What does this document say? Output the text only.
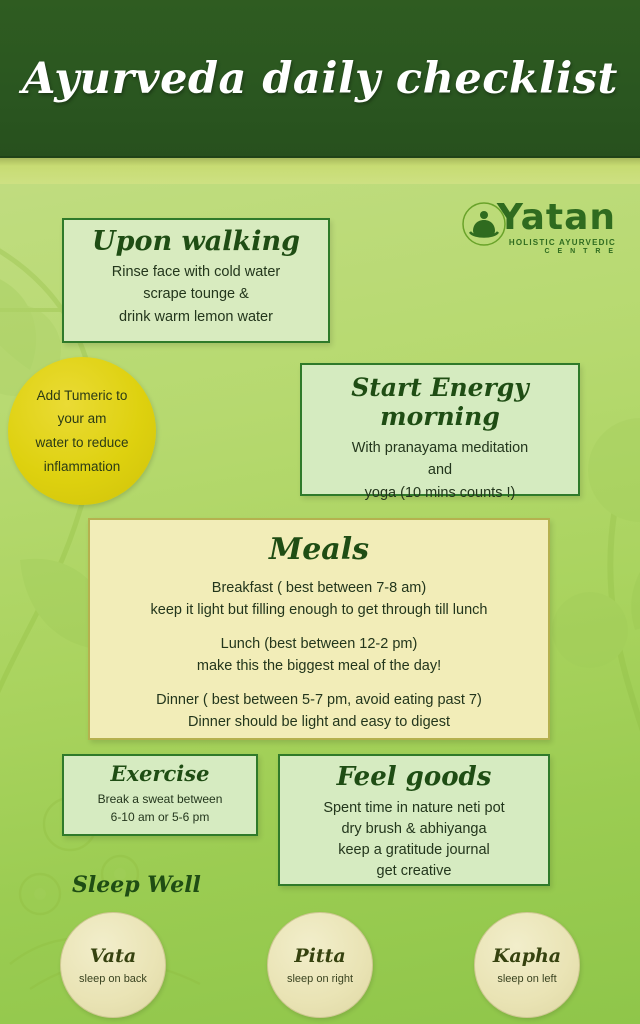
Ayurveda daily checklist
Yatan
HOLISTIC AYURVEDIC
C E N T R E
Upon walking
Rinse face with cold water
scrape tounge &
drink warm lemon water
Add Tumeric to
your am
water to reduce
inflammation
Start Energy morning
With pranayama meditation
and
yoga (10 mins counts !)
Meals
Breakfast ( best between 7-8 am)
keep it light but filling enough to get through till lunch
Lunch (best between 12-2 pm)
make this the biggest meal of the day!
Dinner ( best between 5-7 pm, avoid eating past 7)
Dinner should be light and easy to digest
Exercise
Break a sweat between
6-10 am or 5-6 pm
Feel goods
Spent time in nature neti pot
dry brush & abhiyanga
keep a gratitude journal
get creative
Sleep Well
Vata
sleep on back
Pitta
sleep on right
Kapha
sleep on left
